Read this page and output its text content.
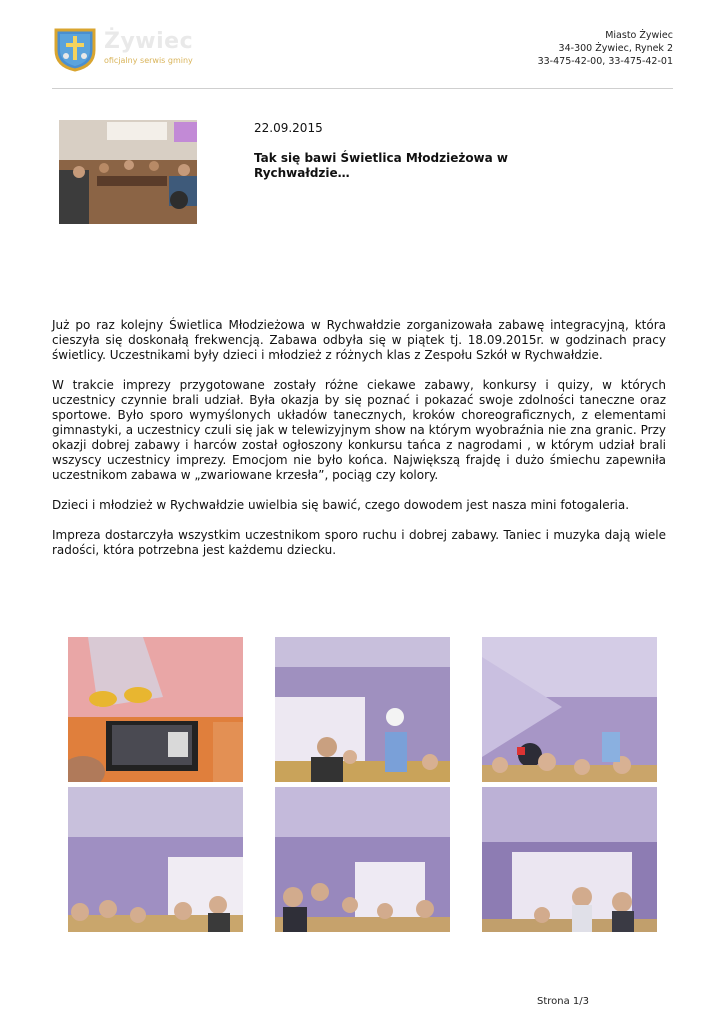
Żywiec
oficjalny serwis gminy
Miasto Żywiec
34-300 Żywiec, Rynek 2
33-475-42-00, 33-475-42-01
22.09.2015
Tak się bawi Świetlica Młodzieżowa w Rychwałdzie…

Już po raz kolejny Świetlica Młodzieżowa w Rychwałdzie zorganizowała zabawę integracyjną, która cieszyła się doskonałą frekwencją. Zabawa odbyła się w piątek tj. 18.09.2015r. w godzinach pracy świetlicy. Uczestnikami były dzieci i młodzież z różnych klas z Zespołu Szkół w Rychwałdzie.

W trakcie imprezy przygotowane zostały różne ciekawe zabawy, konkursy i quizy, w których uczestnicy czynnie brali udział. Była okazja by się poznać i pokazać swoje zdolności taneczne oraz sportowe. Było sporo wymyślonych układów tanecznych, kroków choreograficznych, z elementami gimnastyki, a uczestnicy czuli się jak w telewizyjnym show na którym wyobraźnia nie zna granic. Przy okazji dobrej zabawy i harców został ogłoszony konkursu tańca z nagrodami , w którym udział brali wszyscy uczestnicy imprezy. Emocjom nie było końca. Największą frajdę i dużo śmiechu zapewniła uczestnikom zabawa w „zwariowane krzesła”, pociąg czy kolory.

Dzieci i młodzież w Rychwałdzie uwielbia się bawić, czego dowodem jest nasza mini fotogaleria.

Impreza dostarczyła wszystkim uczestnikom sporo ruchu i dobrej zabawy. Taniec i muzyka dają wiele radości, która potrzebna jest każdemu dziecku.

Strona 1/3
